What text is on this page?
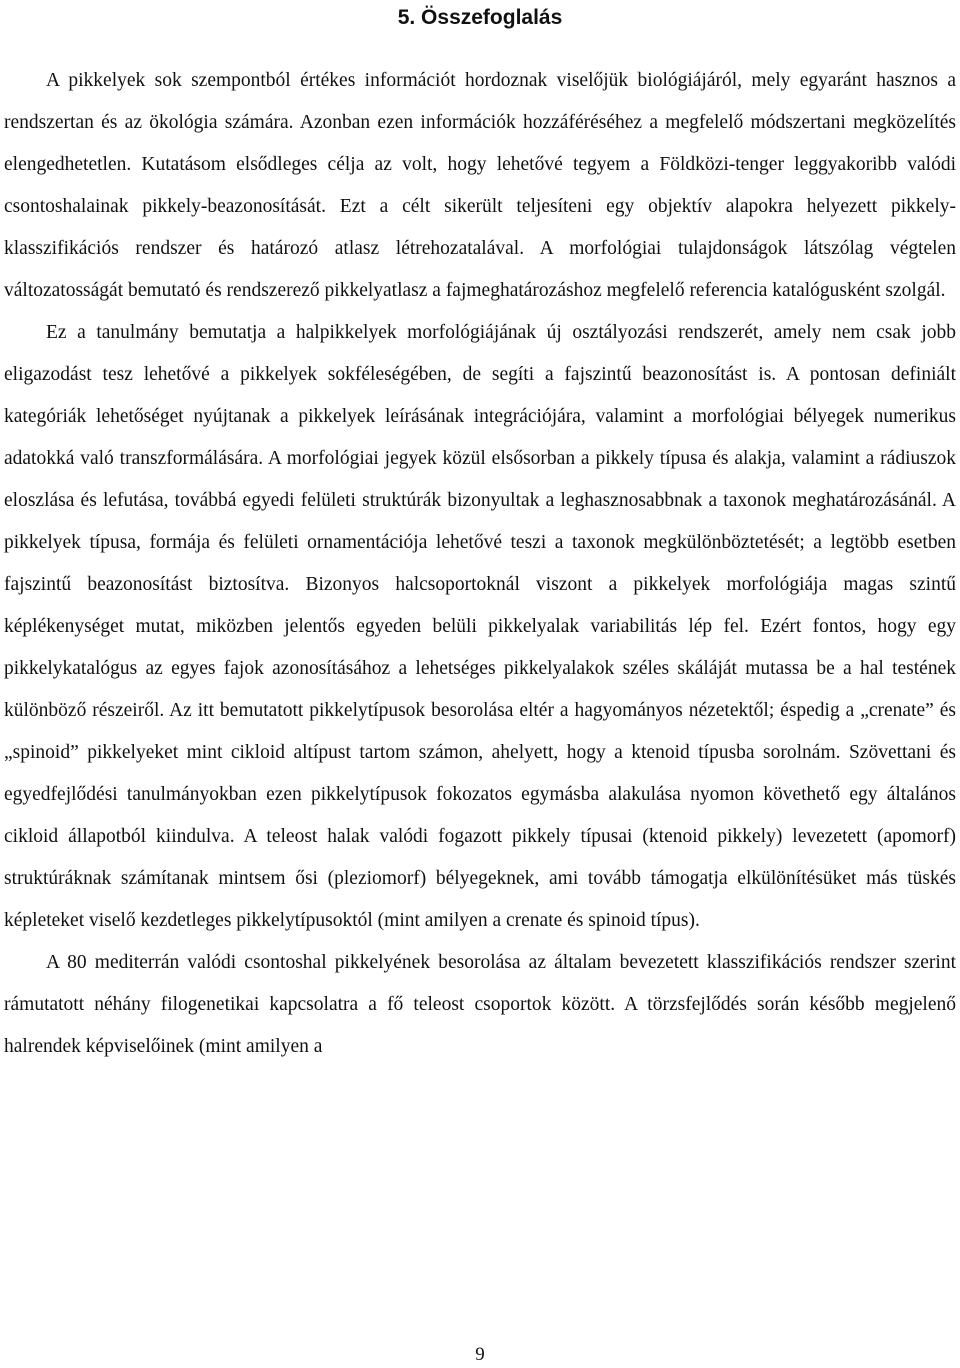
5. Összefoglalás

A pikkelyek sok szempontból értékes információt hordoznak viselőjük biológiájáról, mely egyaránt hasznos a rendszertan és az ökológia számára. Azonban ezen információk hozzáféréséhez a megfelelő módszertani megközelítés elengedhetetlen. Kutatásom elsődleges célja az volt, hogy lehetővé tegyem a Földközi-tenger leggyakoribb valódi csontoshalainak pikkely-beazonosítását. Ezt a célt sikerült teljesíteni egy objektív alapokra helyezett pikkely-klasszifikációs rendszer és határozó atlasz létrehozatalával. A morfológiai tulajdonságok látszólag végtelen változatosságát bemutató és rendszerező pikkelyatlasz a fajmeghatározáshoz megfelelő referencia katalógusként szolgál.

Ez a tanulmány bemutatja a halpikkelyek morfológiájának új osztályozási rendszerét, amely nem csak jobb eligazodást tesz lehetővé a pikkelyek sokféleségében, de segíti a fajszintű beazonosítást is. A pontosan definiált kategóriák lehetőséget nyújtanak a pikkelyek leírásának integrációjára, valamint a morfológiai bélyegek numerikus adatokká való transzformálására. A morfológiai jegyek közül elsősorban a pikkely típusa és alakja, valamint a rádiuszok eloszlása és lefutása, továbbá egyedi felületi struktúrák bizonyultak a leghasznosabbnak a taxonok meghatározásánál. A pikkelyek típusa, formája és felületi ornamentációja lehetővé teszi a taxonok megkülönböztetését; a legtöbb esetben fajszintű beazonosítást biztosítva. Bizonyos halcsoportoknál viszont a pikkelyek morfológiája magas szintű képlékenységet mutat, miközben jelentős egyeden belüli pikkelyalak variabilitás lép fel. Ezért fontos, hogy egy pikkelykatalógus az egyes fajok azonosításához a lehetséges pikkelyalakok széles skáláját mutassa be a hal testének különböző részeiről. Az itt bemutatott pikkelytípusok besorolása eltér a hagyományos nézetektől; éspedig a „crenate” és „spinoid” pikkelyeket mint cikloid altípust tartom számon, ahelyett, hogy a ktenoid típusba sorolnám. Szövettani és egyedfejlődési tanulmányokban ezen pikkelytípusok fokozatos egymásba alakulása nyomon követhető egy általános cikloid állapotból kiindulva. A teleost halak valódi fogazott pikkely típusai (ktenoid pikkely) levezetett (apomorf) struktúráknak számítanak mintsem ősi (pleziomorf) bélyegeknek, ami tovább támogatja elkülönítésüket más tüskés képleteket viselő kezdetleges pikkelytípusoktól (mint amilyen a crenate és spinoid típus).

A 80 mediterrán valódi csontoshal pikkelyének besorolása az általam bevezetett klasszifikációs rendszer szerint rámutatott néhány filogenetikai kapcsolatra a fő teleost csoportok között. A törzsfejlődés során később megjelenő halrendek képviselőinek (mint amilyen a

9
